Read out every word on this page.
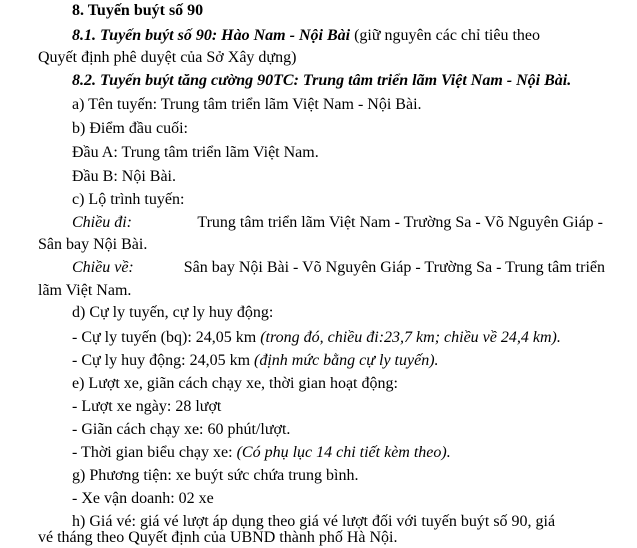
8. Tuyến buýt số 90
8.1. Tuyến buýt số 90: Hào Nam - Nội Bài (giữ nguyên các chỉ tiêu theo
Quyết định phê duyệt của Sở Xây dựng)
8.2. Tuyến buýt tăng cường 90TC: Trung tâm triển lãm Việt Nam - Nội Bài.
a) Tên tuyến: Trung tâm triển lãm Việt Nam - Nội Bài.
b) Điểm đầu cuối:
Đầu A: Trung tâm triển lãm Việt Nam.
Đầu B: Nội Bài.
c) Lộ trình tuyến:
Chiều đi:	Trung tâm triển lãm Việt Nam - Trường Sa - Võ Nguyên Giáp -
Sân bay Nội Bài.
Chiều về:	Sân bay Nội Bài - Võ Nguyên Giáp - Trường Sa - Trung tâm triển
lãm Việt Nam.
d) Cự ly tuyến, cự ly huy động:
- Cự ly tuyến (bq): 24,05 km (trong đó, chiều đi:23,7 km; chiều về 24,4 km).
- Cự ly huy động: 24,05 km (định mức bằng cự ly tuyến).
e) Lượt xe, giãn cách chạy xe, thời gian hoạt động:
- Lượt xe ngày: 28 lượt
- Giãn cách chạy xe: 60 phút/lượt.
- Thời gian biểu chạy xe: (Có phụ lục 14 chi tiết kèm theo).
g) Phương tiện: xe buýt sức chứa trung bình.
- Xe vận doanh: 02 xe
h) Giá vé: giá vé lượt áp dụng theo giá vé lượt đối với tuyến buýt số 90, giá
vé tháng theo Quyết định của UBND thành phố Hà Nội.
